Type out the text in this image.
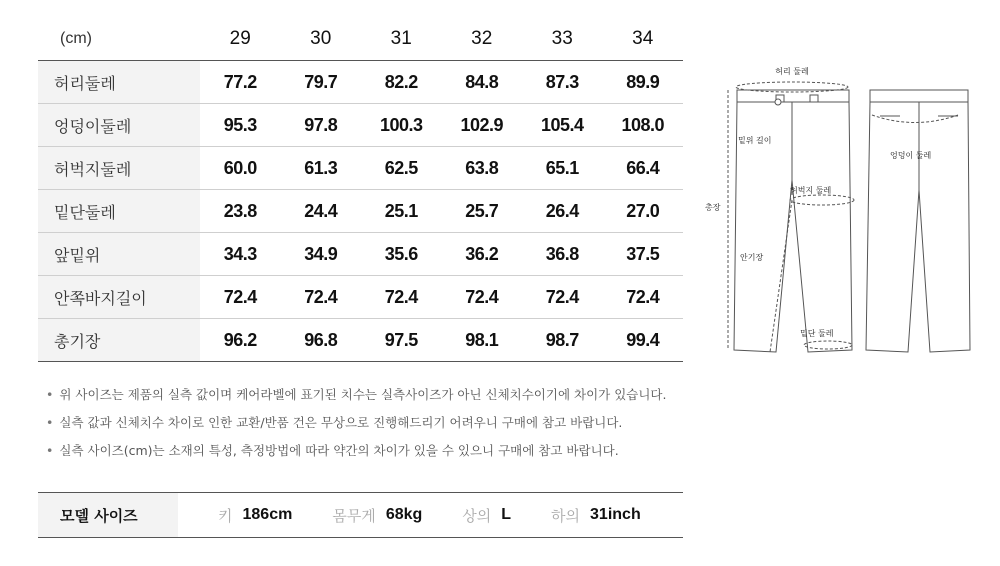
(cm)	29	30	31	32	33	34
허리둘레	77.2	79.7	82.2	84.8	87.3	89.9
엉덩이둘레	95.3	97.8	100.3	102.9	105.4	108.0
허벅지둘레	60.0	61.3	62.5	63.8	65.1	66.4
밑단둘레	23.8	24.4	25.1	25.7	26.4	27.0
앞밑위	34.3	34.9	35.6	36.2	36.8	37.5
안쪽바지길이	72.4	72.4	72.4	72.4	72.4	72.4
총기장	96.2	96.8	97.5	98.1	98.7	99.4
• 위 사이즈는 제품의 실측 값이며 케어라벨에 표기된 치수는 실측사이즈가 아닌 신체치수이기에 차이가 있습니다.
• 실측 값과 신체치수 차이로 인한 교환/반품 건은 무상으로 진행해드리기 어려우니 구매에 참고 바랍니다.
• 실측 사이즈(cm)는 소재의 특성, 측정방법에 따라 약간의 차이가 있을 수 있으니 구매에 참고 바랍니다.
모델 사이즈	키 186cm	몸무게 68kg	상의 L	하의 31inch
허리 둘레
밑위 길이
총장
허벅지 둘레
안기장
밑단 둘레
엉덩이 둘레
